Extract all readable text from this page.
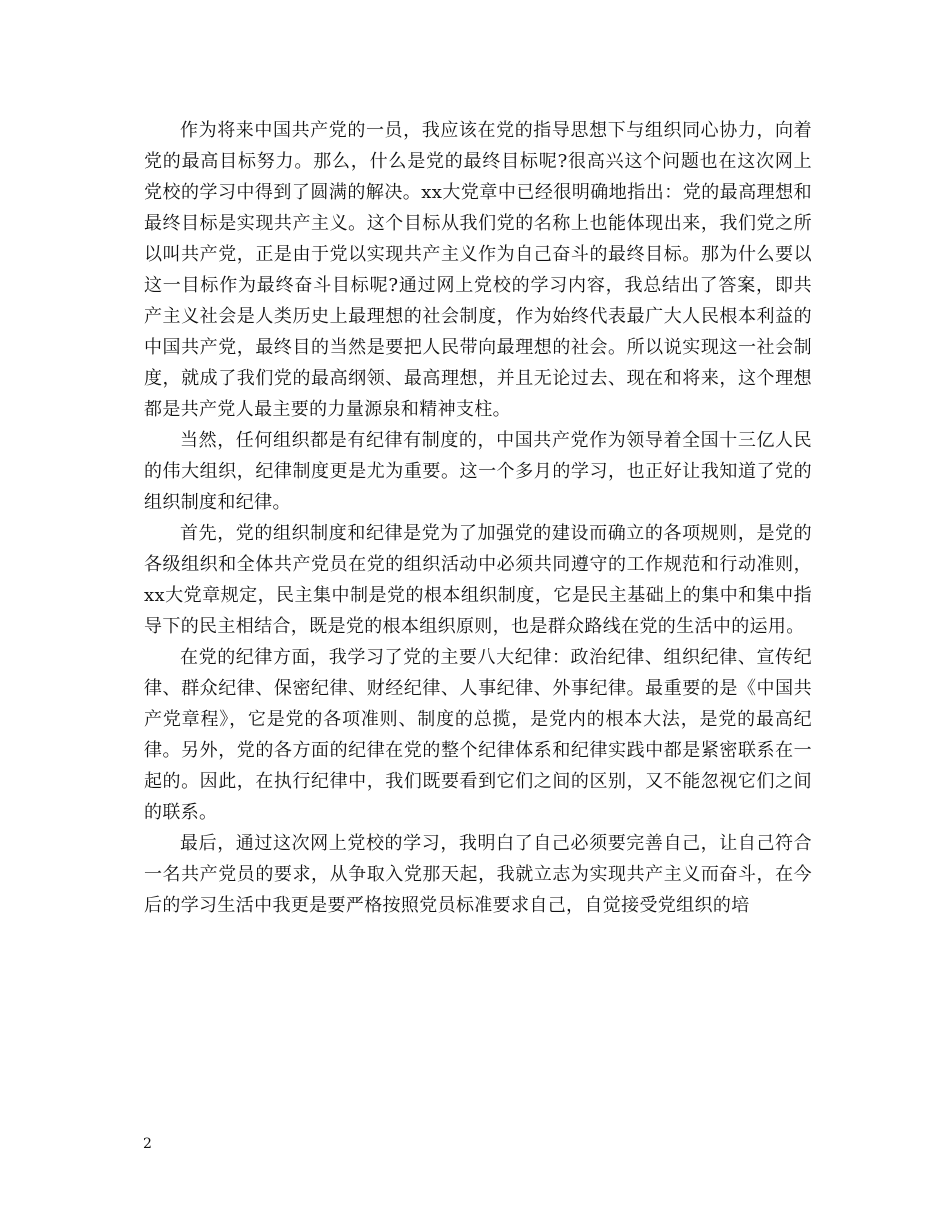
作为将来中国共产党的一员，我应该在党的指导思想下与组织同心协力，向着党的最高目标努力。那么，什么是党的最终目标呢?很高兴这个问题也在这次网上党校的学习中得到了圆满的解决。xx大党章中已经很明确地指出：党的最高理想和最终目标是实现共产主义。这个目标从我们党的名称上也能体现出来，我们党之所以叫共产党，正是由于党以实现共产主义作为自己奋斗的最终目标。那为什么要以这一目标作为最终奋斗目标呢?通过网上党校的学习内容，我总结出了答案，即共产主义社会是人类历史上最理想的社会制度，作为始终代表最广大人民根本利益的中国共产党，最终目的当然是要把人民带向最理想的社会。所以说实现这一社会制度，就成了我们党的最高纲领、最高理想，并且无论过去、现在和将来，这个理想都是共产党人最主要的力量源泉和精神支柱。

当然，任何组织都是有纪律有制度的，中国共产党作为领导着全国十三亿人民的伟大组织，纪律制度更是尤为重要。这一个多月的学习，也正好让我知道了党的组织制度和纪律。

首先，党的组织制度和纪律是党为了加强党的建设而确立的各项规则，是党的各级组织和全体共产党员在党的组织活动中必须共同遵守的工作规范和行动准则，xx大党章规定，民主集中制是党的根本组织制度，它是民主基础上的集中和集中指导下的民主相结合，既是党的根本组织原则，也是群众路线在党的生活中的运用。

在党的纪律方面，我学习了党的主要八大纪律：政治纪律、组织纪律、宣传纪律、群众纪律、保密纪律、财经纪律、人事纪律、外事纪律。最重要的是《中国共产党章程》，它是党的各项准则、制度的总揽，是党内的根本大法，是党的最高纪律。另外，党的各方面的纪律在党的整个纪律体系和纪律实践中都是紧密联系在一起的。因此，在执行纪律中，我们既要看到它们之间的区别，又不能忽视它们之间的联系。

最后，通过这次网上党校的学习，我明白了自己必须要完善自己，让自己符合一名共产党员的要求，从争取入党那天起，我就立志为实现共产主义而奋斗，在今后的学习生活中我更是要严格按照党员标准要求自己，自觉接受党组织的培

2
